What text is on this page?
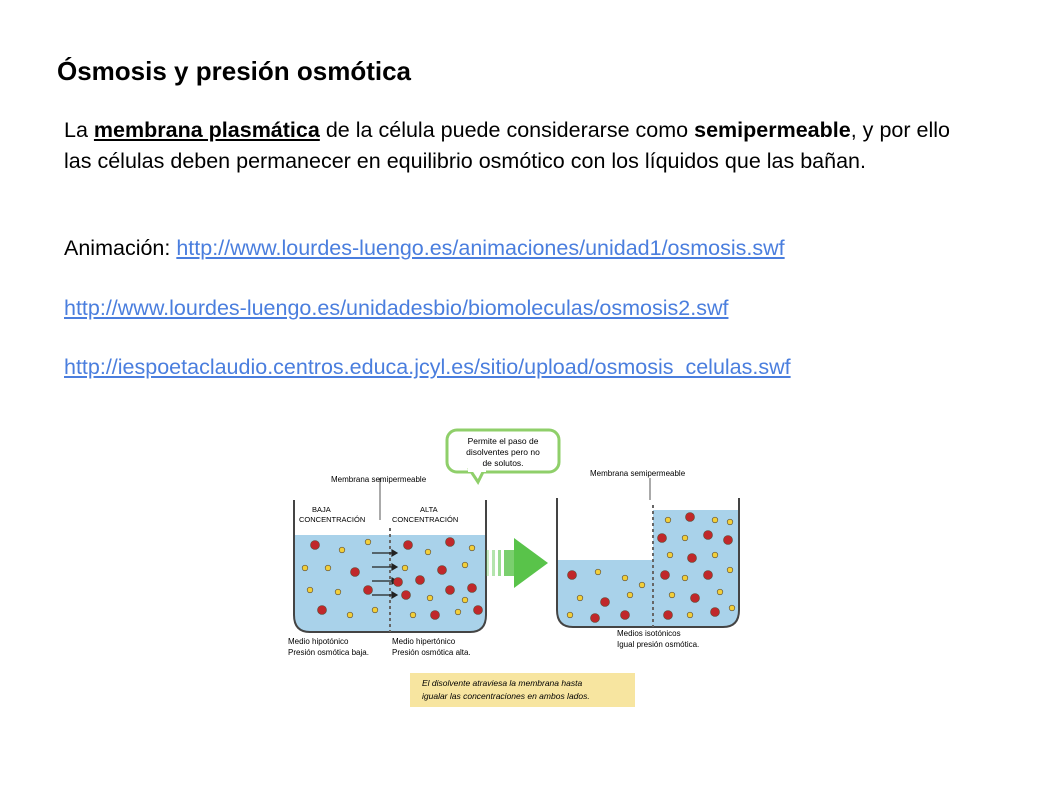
Ósmosis y presión osmótica
La membrana plasmática de la célula puede considerarse como semipermeable, y por ello las células deben permanecer en equilibrio osmótico con los líquidos que las bañan.
Animación: http://www.lourdes-luengo.es/animaciones/unidad1/osmosis.swf
http://www.lourdes-luengo.es/unidadesbio/biomoleculas/osmosis2.swf
http://iespoetaclaudio.centros.educa.jcyl.es/sitio/upload/osmosis_celulas.swf
Permite el paso de
disolventes pero no
de solutos.
Membrana semipermeable
BAJA
CONCENTRACIÓN
ALTA
CONCENTRACIÓN
Medio hipotónico
Presión osmótica baja.
Medio hipertónico
Presión osmótica alta.
Membrana semipermeable
Medios isotónicos
Igual presión osmótica.
El disolvente atraviesa la membrana hasta
igualar las concentraciones en ambos lados.
